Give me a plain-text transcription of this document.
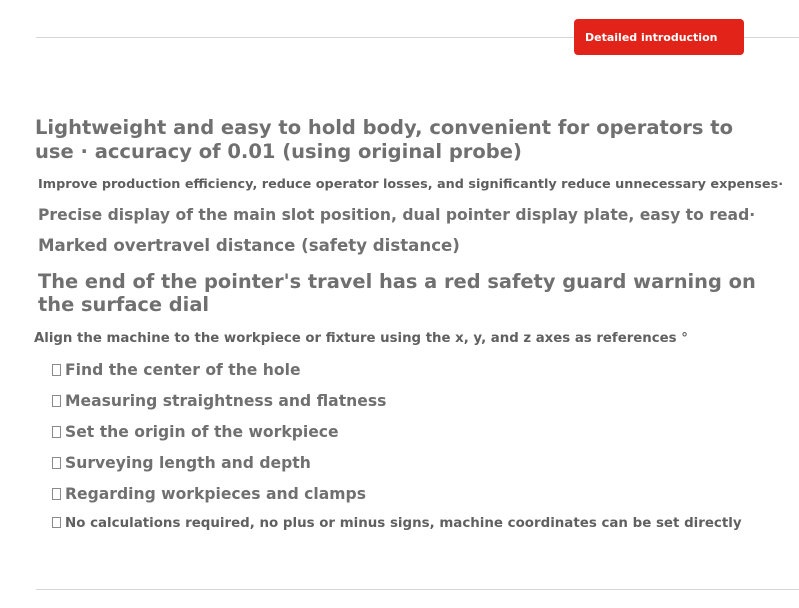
Detailed introduction
Lightweight and easy to hold body, convenient for operators to use · accuracy of 0.01 (using original probe)
Improve production efficiency, reduce operator losses, and significantly reduce unnecessary expenses·
Precise display of the main slot position, dual pointer display plate, easy to read·
Marked overtravel distance (safety distance)
The end of the pointer's travel has a red safety guard warning on the surface dial
Align the machine to the workpiece or fixture using the x, y, and z axes as references °
Find the center of the hole
Measuring straightness and flatness
Set the origin of the workpiece
Surveying length and depth
Regarding workpieces and clamps
No calculations required, no plus or minus signs, machine coordinates can be set directly
